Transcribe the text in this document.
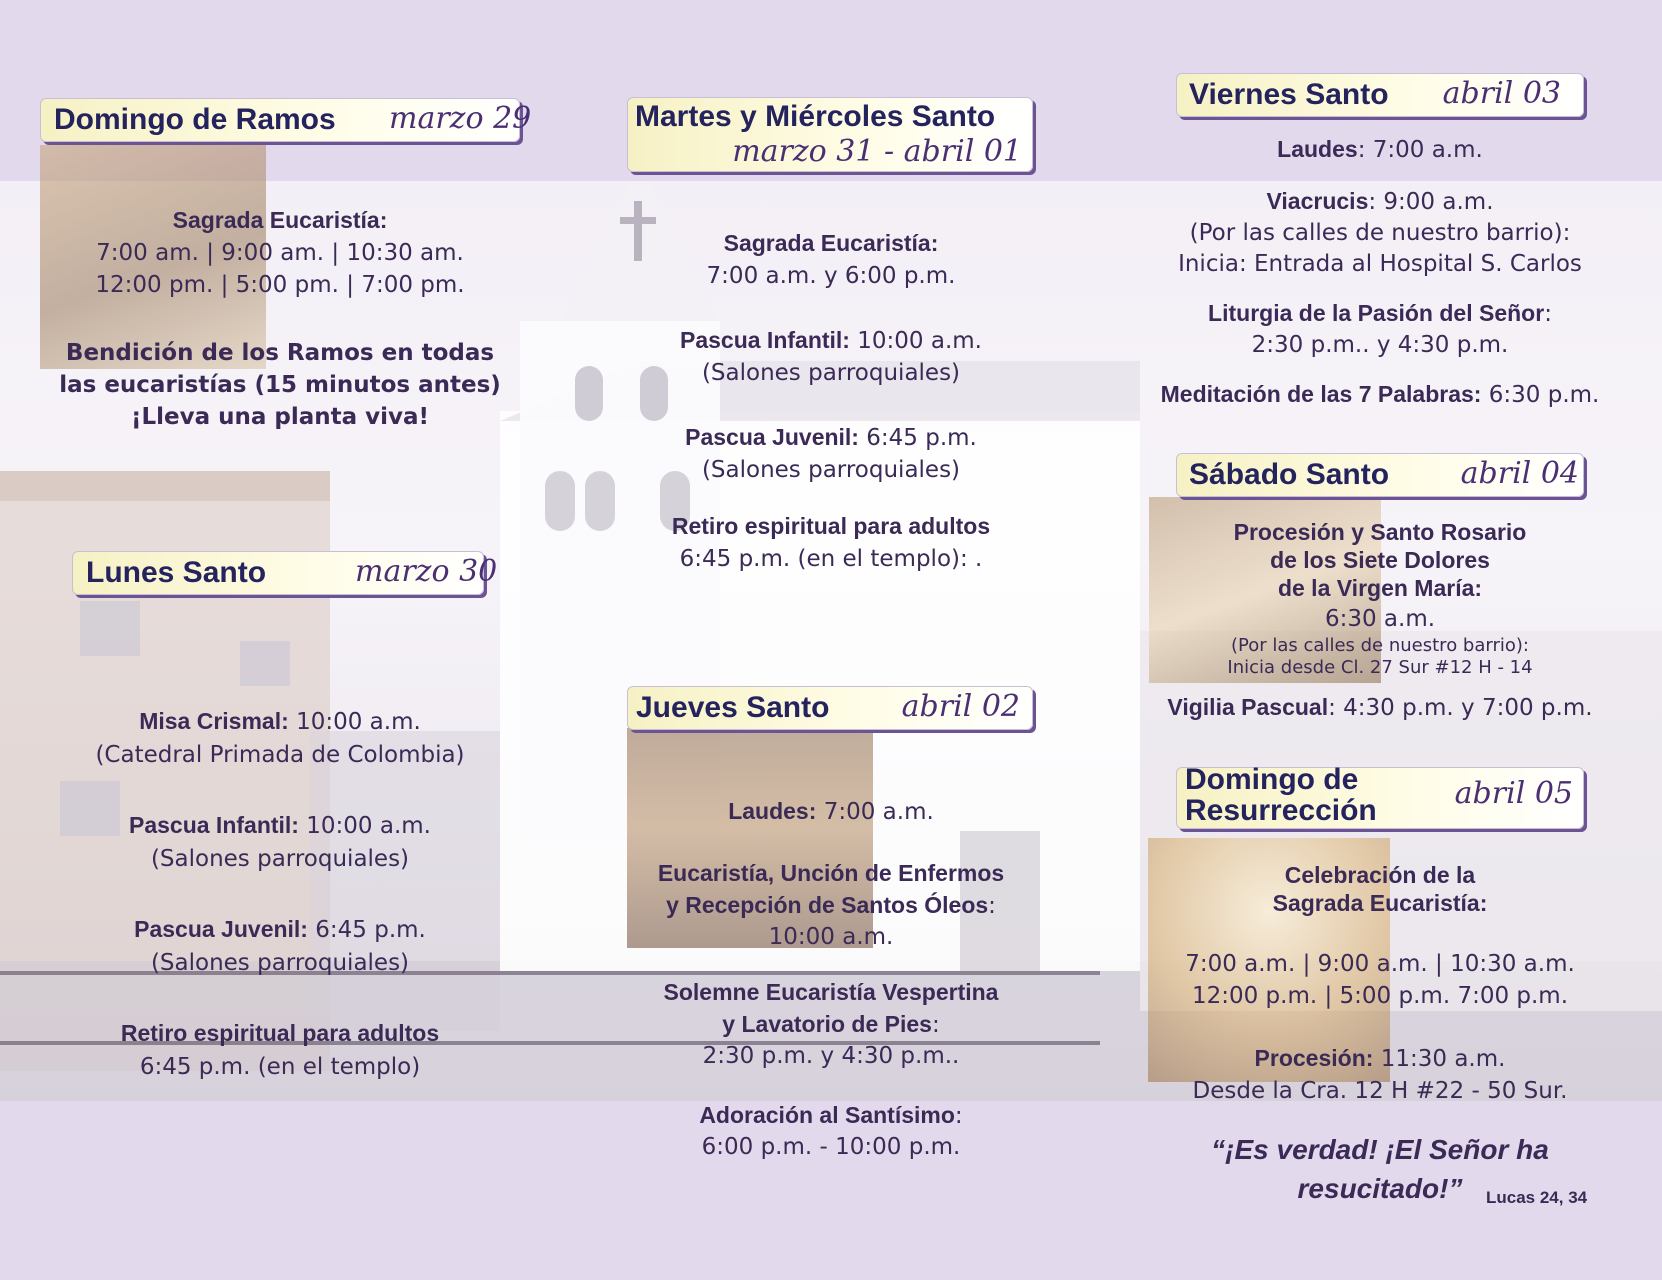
Domingo de Ramos marzo 29
Sagrada Eucaristía:
7:00 am. | 9:00 am. | 10:30 am.
12:00 pm. | 5:00 pm. | 7:00 pm.
Bendición de los Ramos en todas
las eucaristías (15 minutos antes)
¡Lleva una planta viva!
Lunes Santo	marzo 30
Misa Crismal: 10:00 a.m.
(Catedral Primada de Colombia)
Pascua Infantil: 10:00 a.m.
(Salones parroquiales)
Pascua Juvenil: 6:45 p.m.
(Salones parroquiales)
Retiro espiritual para adultos
6:45 p.m. (en el templo)
Martes y Miércoles Santo
marzo 31 - abril 01
Sagrada Eucaristía:
7:00 a.m. y 6:00 p.m.
Pascua Infantil: 10:00 a.m.
(Salones parroquiales)
Pascua Juvenil: 6:45 p.m.
(Salones parroquiales)
Retiro espiritual para adultos
6:45 p.m. (en el templo): .
Jueves Santo abril 02
Laudes: 7:00 a.m.
Eucaristía, Unción de Enfermos
y Recepción de Santos Óleos:
10:00 a.m.
Solemne Eucaristía Vespertina
y Lavatorio de Pies:
2:30 p.m. y 4:30 p.m..
Adoración al Santísimo:
6:00 p.m. - 10:00 p.m.
Viernes Santo abril 03
Laudes: 7:00 a.m.
Viacrucis: 9:00 a.m.
(Por las calles de nuestro barrio):
Inicia: Entrada al Hospital S. Carlos
Liturgia de la Pasión del Señor:
2:30 p.m.. y 4:30 p.m.
Meditación de las 7 Palabras: 6:30 p.m.
Sábado Santo abril 04
Procesión y Santo Rosario
de los Siete Dolores
de la Virgen María:
6:30 a.m.
(Por las calles de nuestro barrio):
Inicia desde Cl. 27 Sur #12 H - 14
Vigilia Pascual: 4:30 p.m. y 7:00 p.m.
Domingo de
Resurrección	abril 05
Celebración de la
Sagrada Eucaristía:
7:00 a.m. | 9:00 a.m. | 10:30 a.m.
12:00 p.m. | 5:00 p.m. 7:00 p.m.
Procesión: 11:30 a.m.
Desde la Cra. 12 H #22 - 50 Sur.
“¡Es verdad! ¡El Señor ha
resucitado!”	Lucas 24, 34
